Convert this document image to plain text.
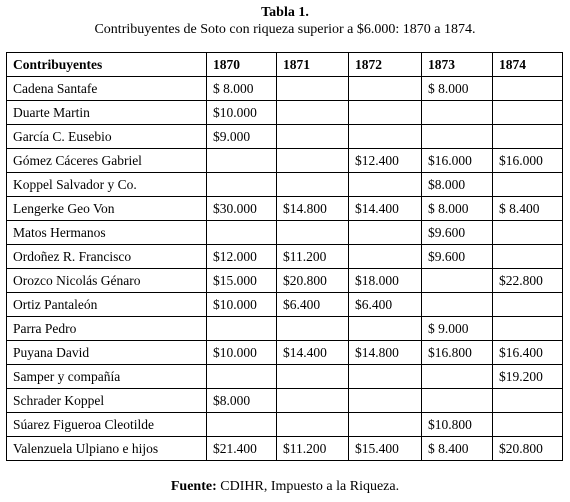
Tabla 1.
Contribuyentes de Soto con riqueza superior a $6.000: 1870 a 1874.
Contribuyentes	1870	1871	1872	1873	1874
Cadena Santafe	$ 8.000			$ 8.000	
Duarte Martin	$10.000				
García C. Eusebio	$9.000				
Gómez Cáceres Gabriel			$12.400	$16.000	$16.000
Koppel Salvador y Co.				$8.000	
Lengerke Geo Von	$30.000	$14.800	$14.400	$ 8.000	$ 8.400
Matos Hermanos				$9.600	
Ordoñez R. Francisco	$12.000	$11.200		$9.600	
Orozco Nicolás Génaro	$15.000	$20.800	$18.000		$22.800
Ortiz Pantaleón	$10.000	$6.400	$6.400		
Parra Pedro				$ 9.000	
Puyana David	$10.000	$14.400	$14.800	$16.800	$16.400
Samper y compañía					$19.200
Schrader Koppel	$8.000				
Súarez Figueroa Cleotilde				$10.800	
Valenzuela Ulpiano e hijos	$21.400	$11.200	$15.400	$ 8.400	$20.800
Fuente: CDIHR, Impuesto a la Riqueza.
